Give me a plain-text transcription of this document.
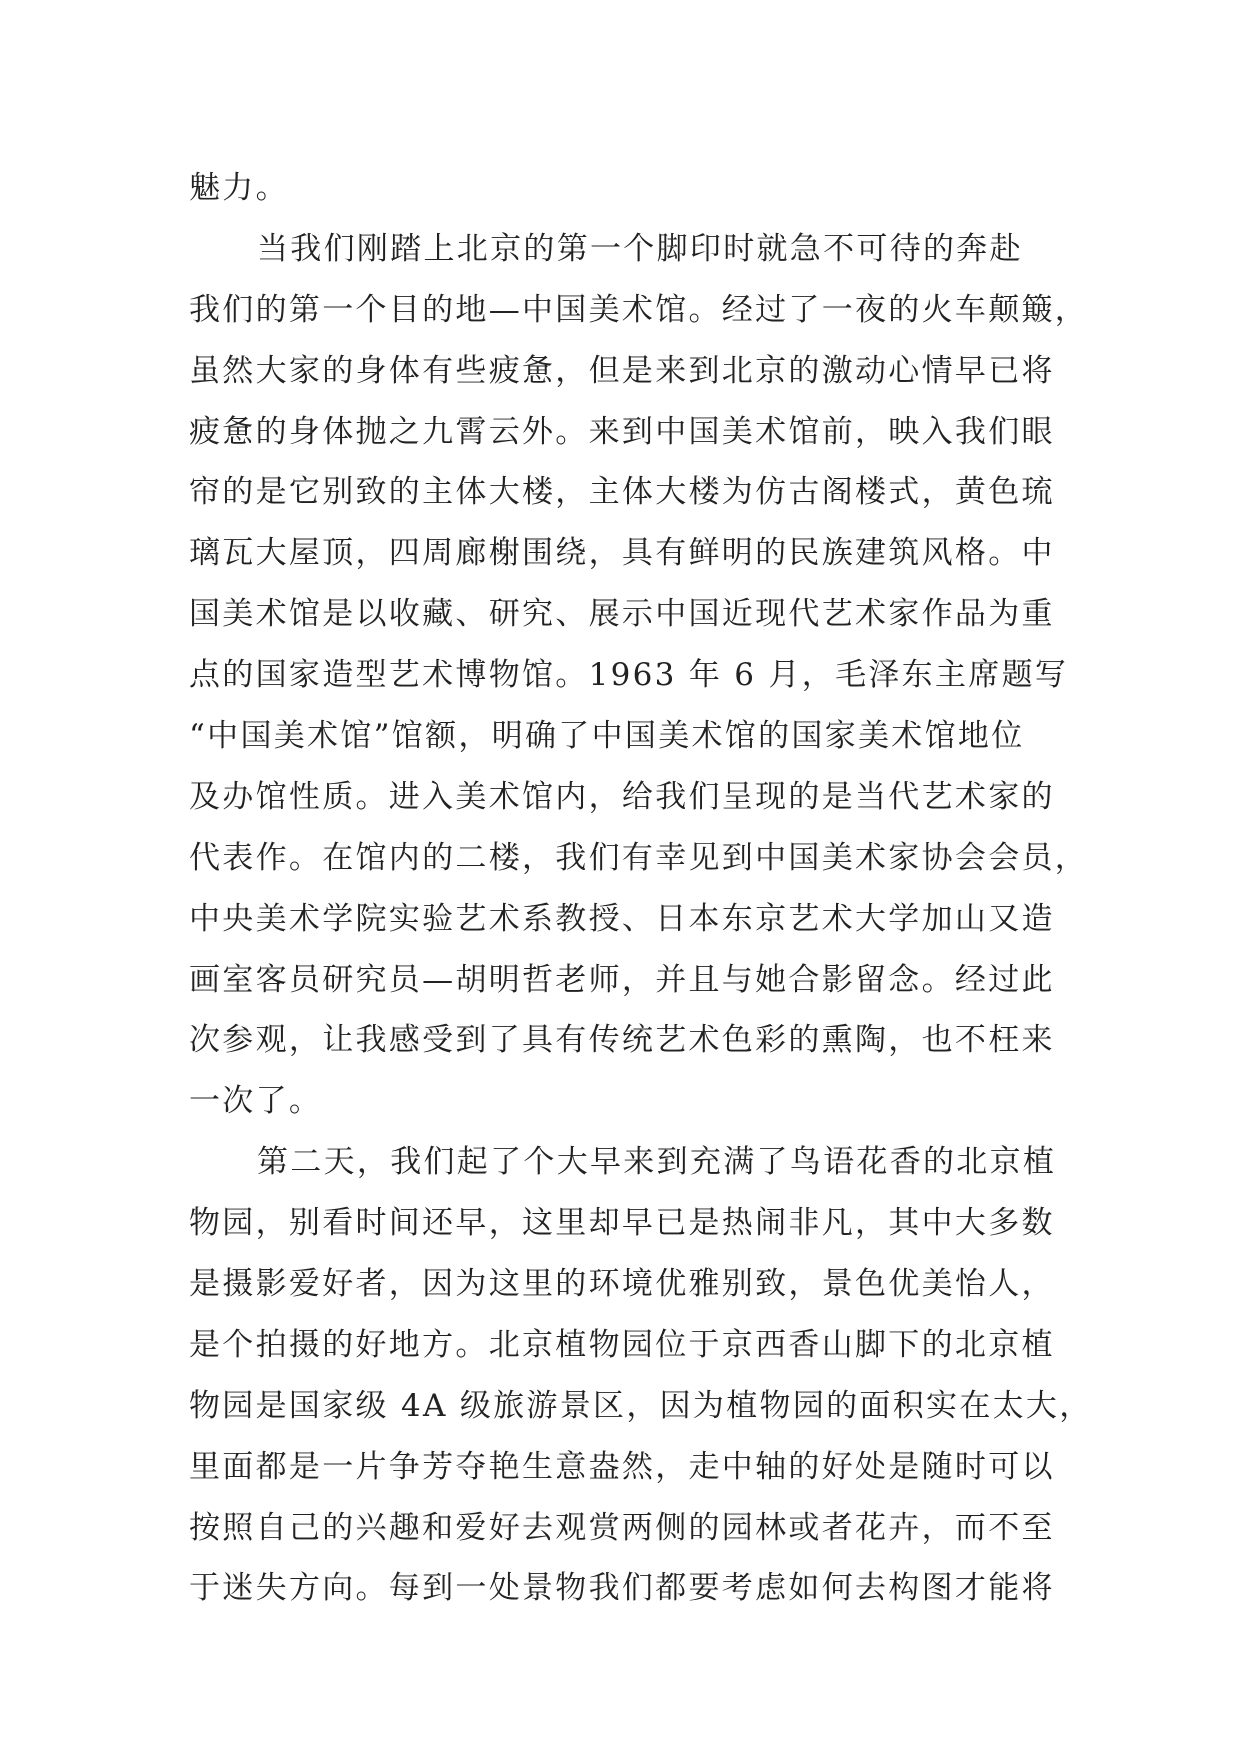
魅力。
当我们刚踏上北京的第一个脚印时就急不可待的奔赴
我们的第一个目的地—中国美术馆。经过了一夜的火车颠簸，
虽然大家的身体有些疲惫，但是来到北京的激动心情早已将
疲惫的身体抛之九霄云外。来到中国美术馆前，映入我们眼
帘的是它别致的主体大楼，主体大楼为仿古阁楼式，黄色琉
璃瓦大屋顶，四周廊榭围绕，具有鲜明的民族建筑风格。中
国美术馆是以收藏、研究、展示中国近现代艺术家作品为重
点的国家造型艺术博物馆。1963 年 6 月，毛泽东主席题写
“中国美术馆”馆额，明确了中国美术馆的国家美术馆地位
及办馆性质。进入美术馆内，给我们呈现的是当代艺术家的
代表作。在馆内的二楼，我们有幸见到中国美术家协会会员，
中央美术学院实验艺术系教授、日本东京艺术大学加山又造
画室客员研究员—胡明哲老师，并且与她合影留念。经过此
次参观，让我感受到了具有传统艺术色彩的熏陶，也不枉来
一次了。
第二天，我们起了个大早来到充满了鸟语花香的北京植
物园，别看时间还早，这里却早已是热闹非凡，其中大多数
是摄影爱好者，因为这里的环境优雅别致，景色优美怡人，
是个拍摄的好地方。北京植物园位于京西香山脚下的北京植
物园是国家级 4A 级旅游景区，因为植物园的面积实在太大，
里面都是一片争芳夺艳生意盎然，走中轴的好处是随时可以
按照自己的兴趣和爱好去观赏两侧的园林或者花卉，而不至
于迷失方向。每到一处景物我们都要考虑如何去构图才能将
